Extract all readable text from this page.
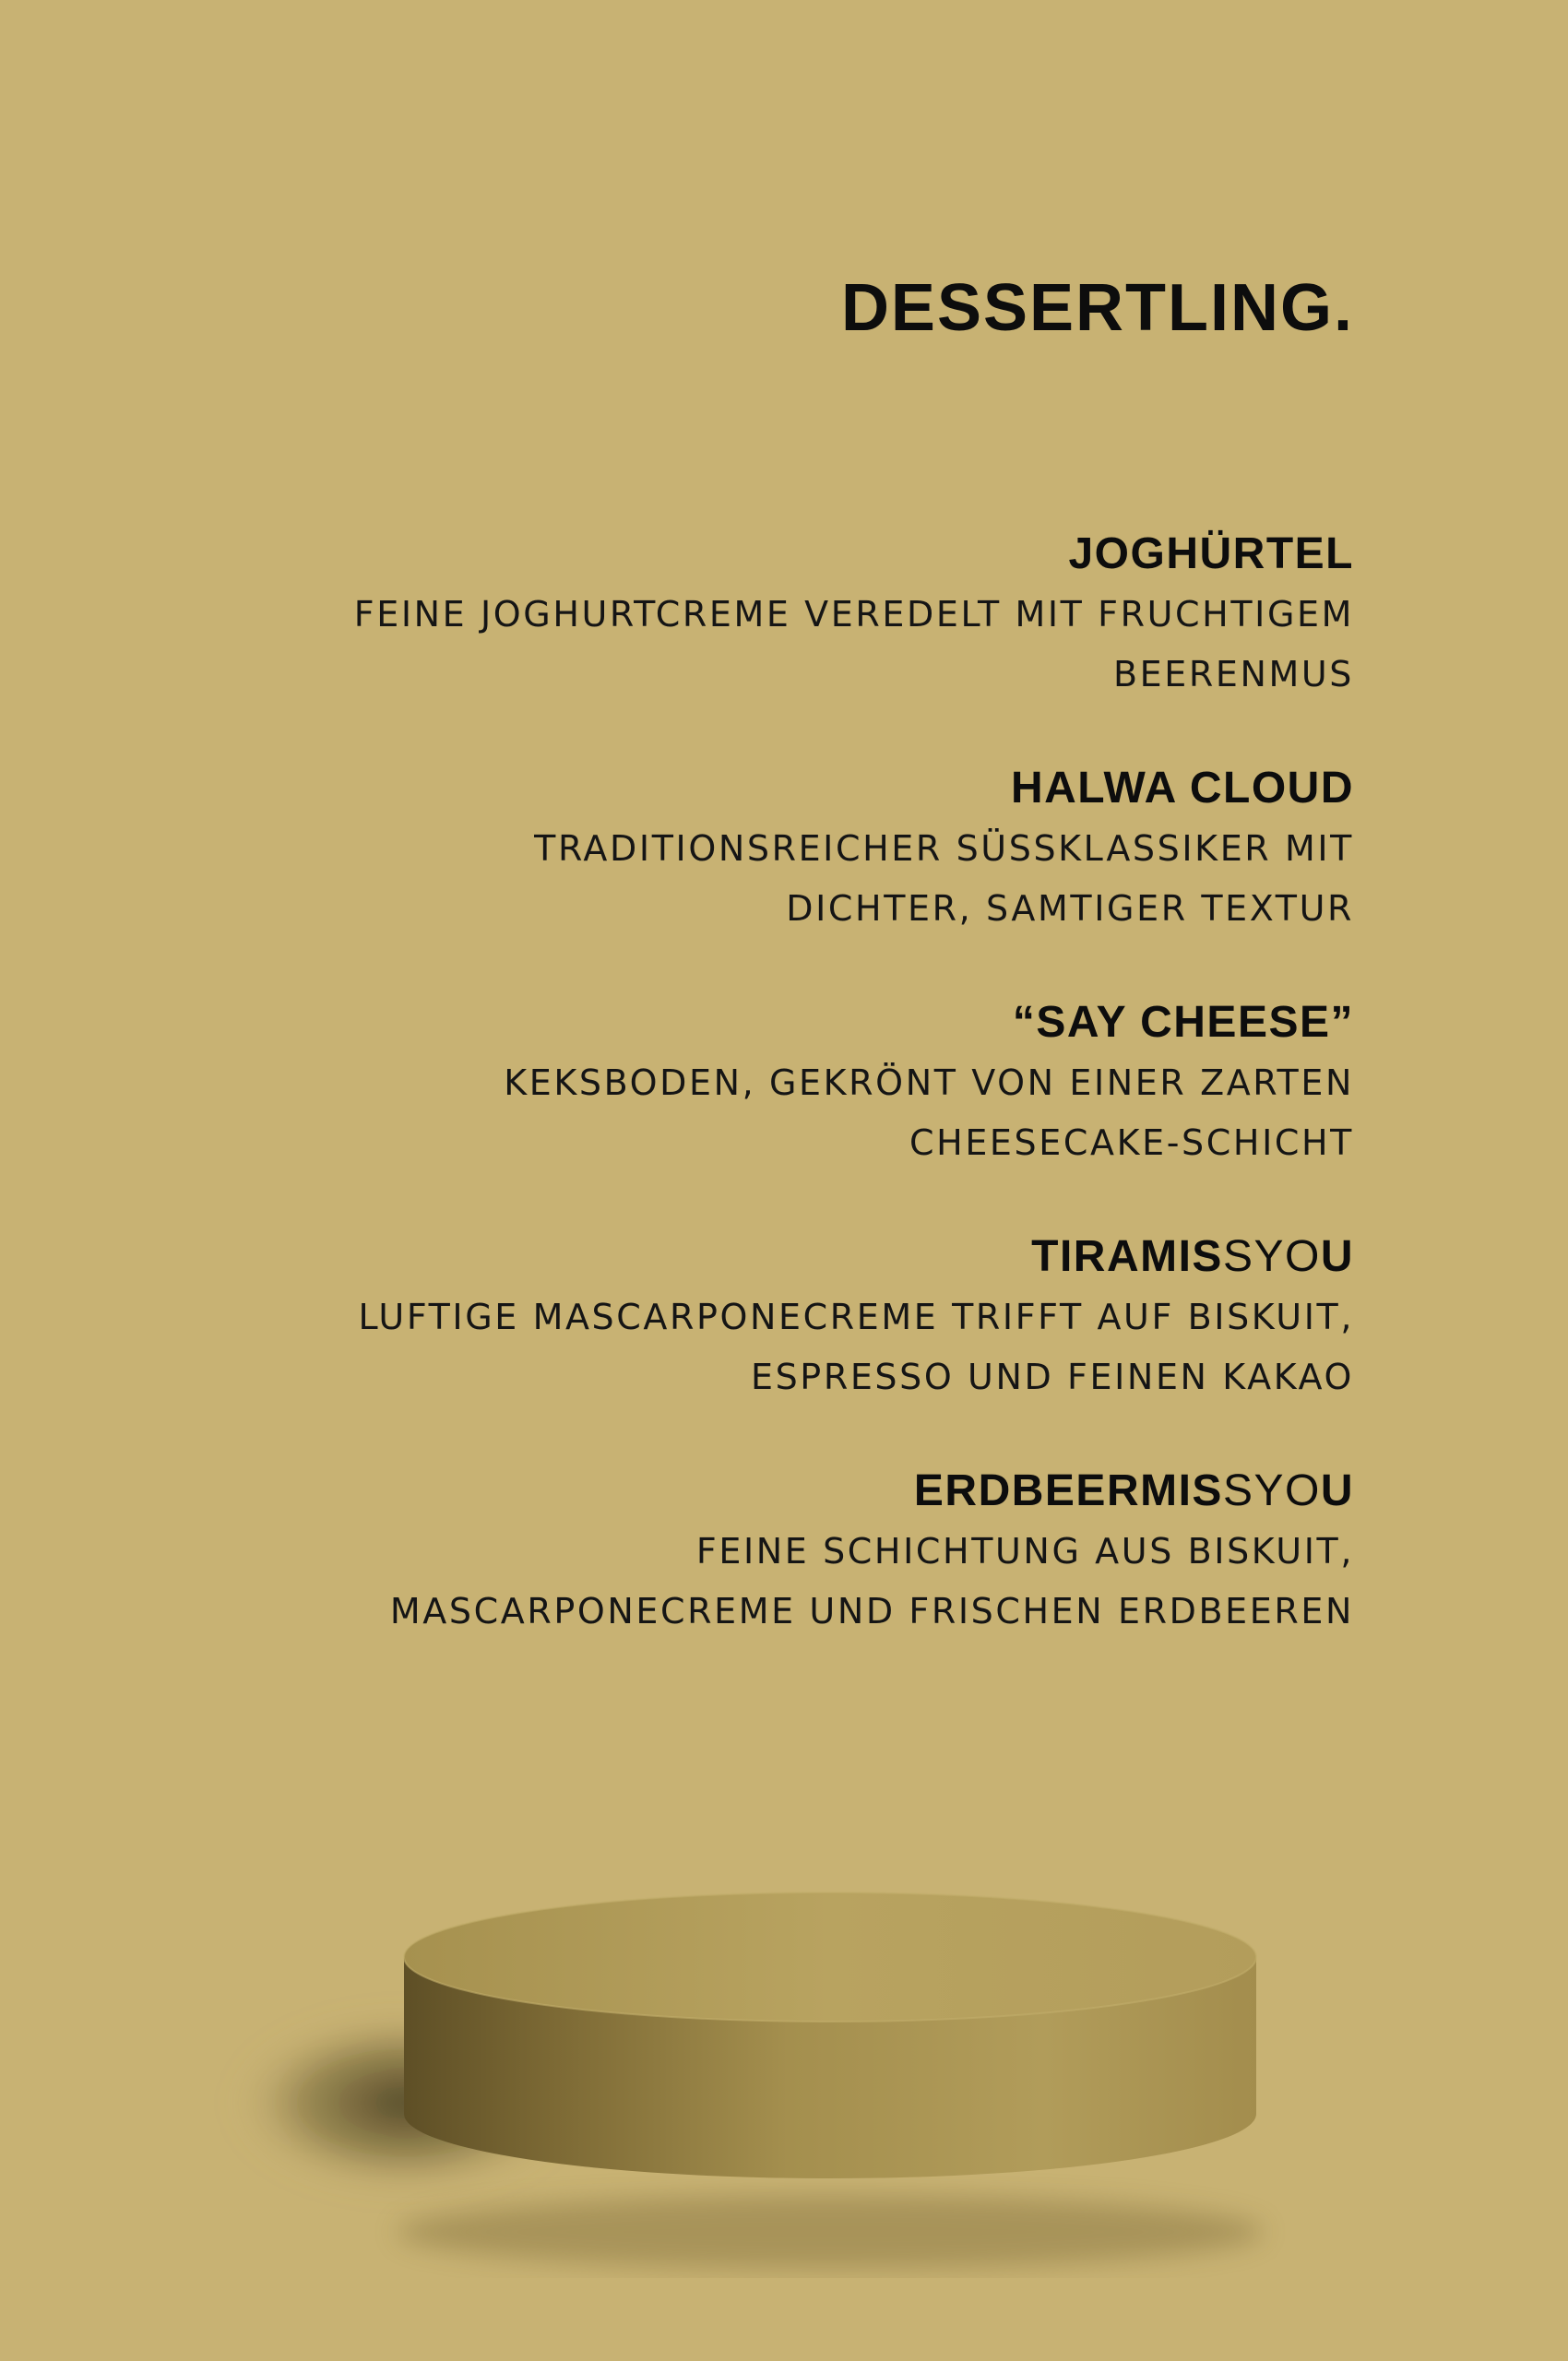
DESSERTLING.

JOGHÜRTEL

FEINE JOGHURTCREME VEREDELT MIT FRUCHTIGEM
BEERENMUS

HALWA CLOUD

TRADITIONSREICHER SÜSSKLASSIKER MIT
DICHTER, SAMTIGER TEXTUR

“SAY CHEESE”

KEKSBODEN, GEKRÖNT VON EINER ZARTEN
CHEESECAKE-SCHICHT

TIRAMISSYOU

LUFTIGE MASCARPONECREME TRIFFT AUF BISKUIT,
ESPRESSO UND FEINEN KAKAO

ERDBEERMISSYOU

FEINE SCHICHTUNG AUS BISKUIT,
MASCARPONECREME UND FRISCHEN ERDBEEREN
